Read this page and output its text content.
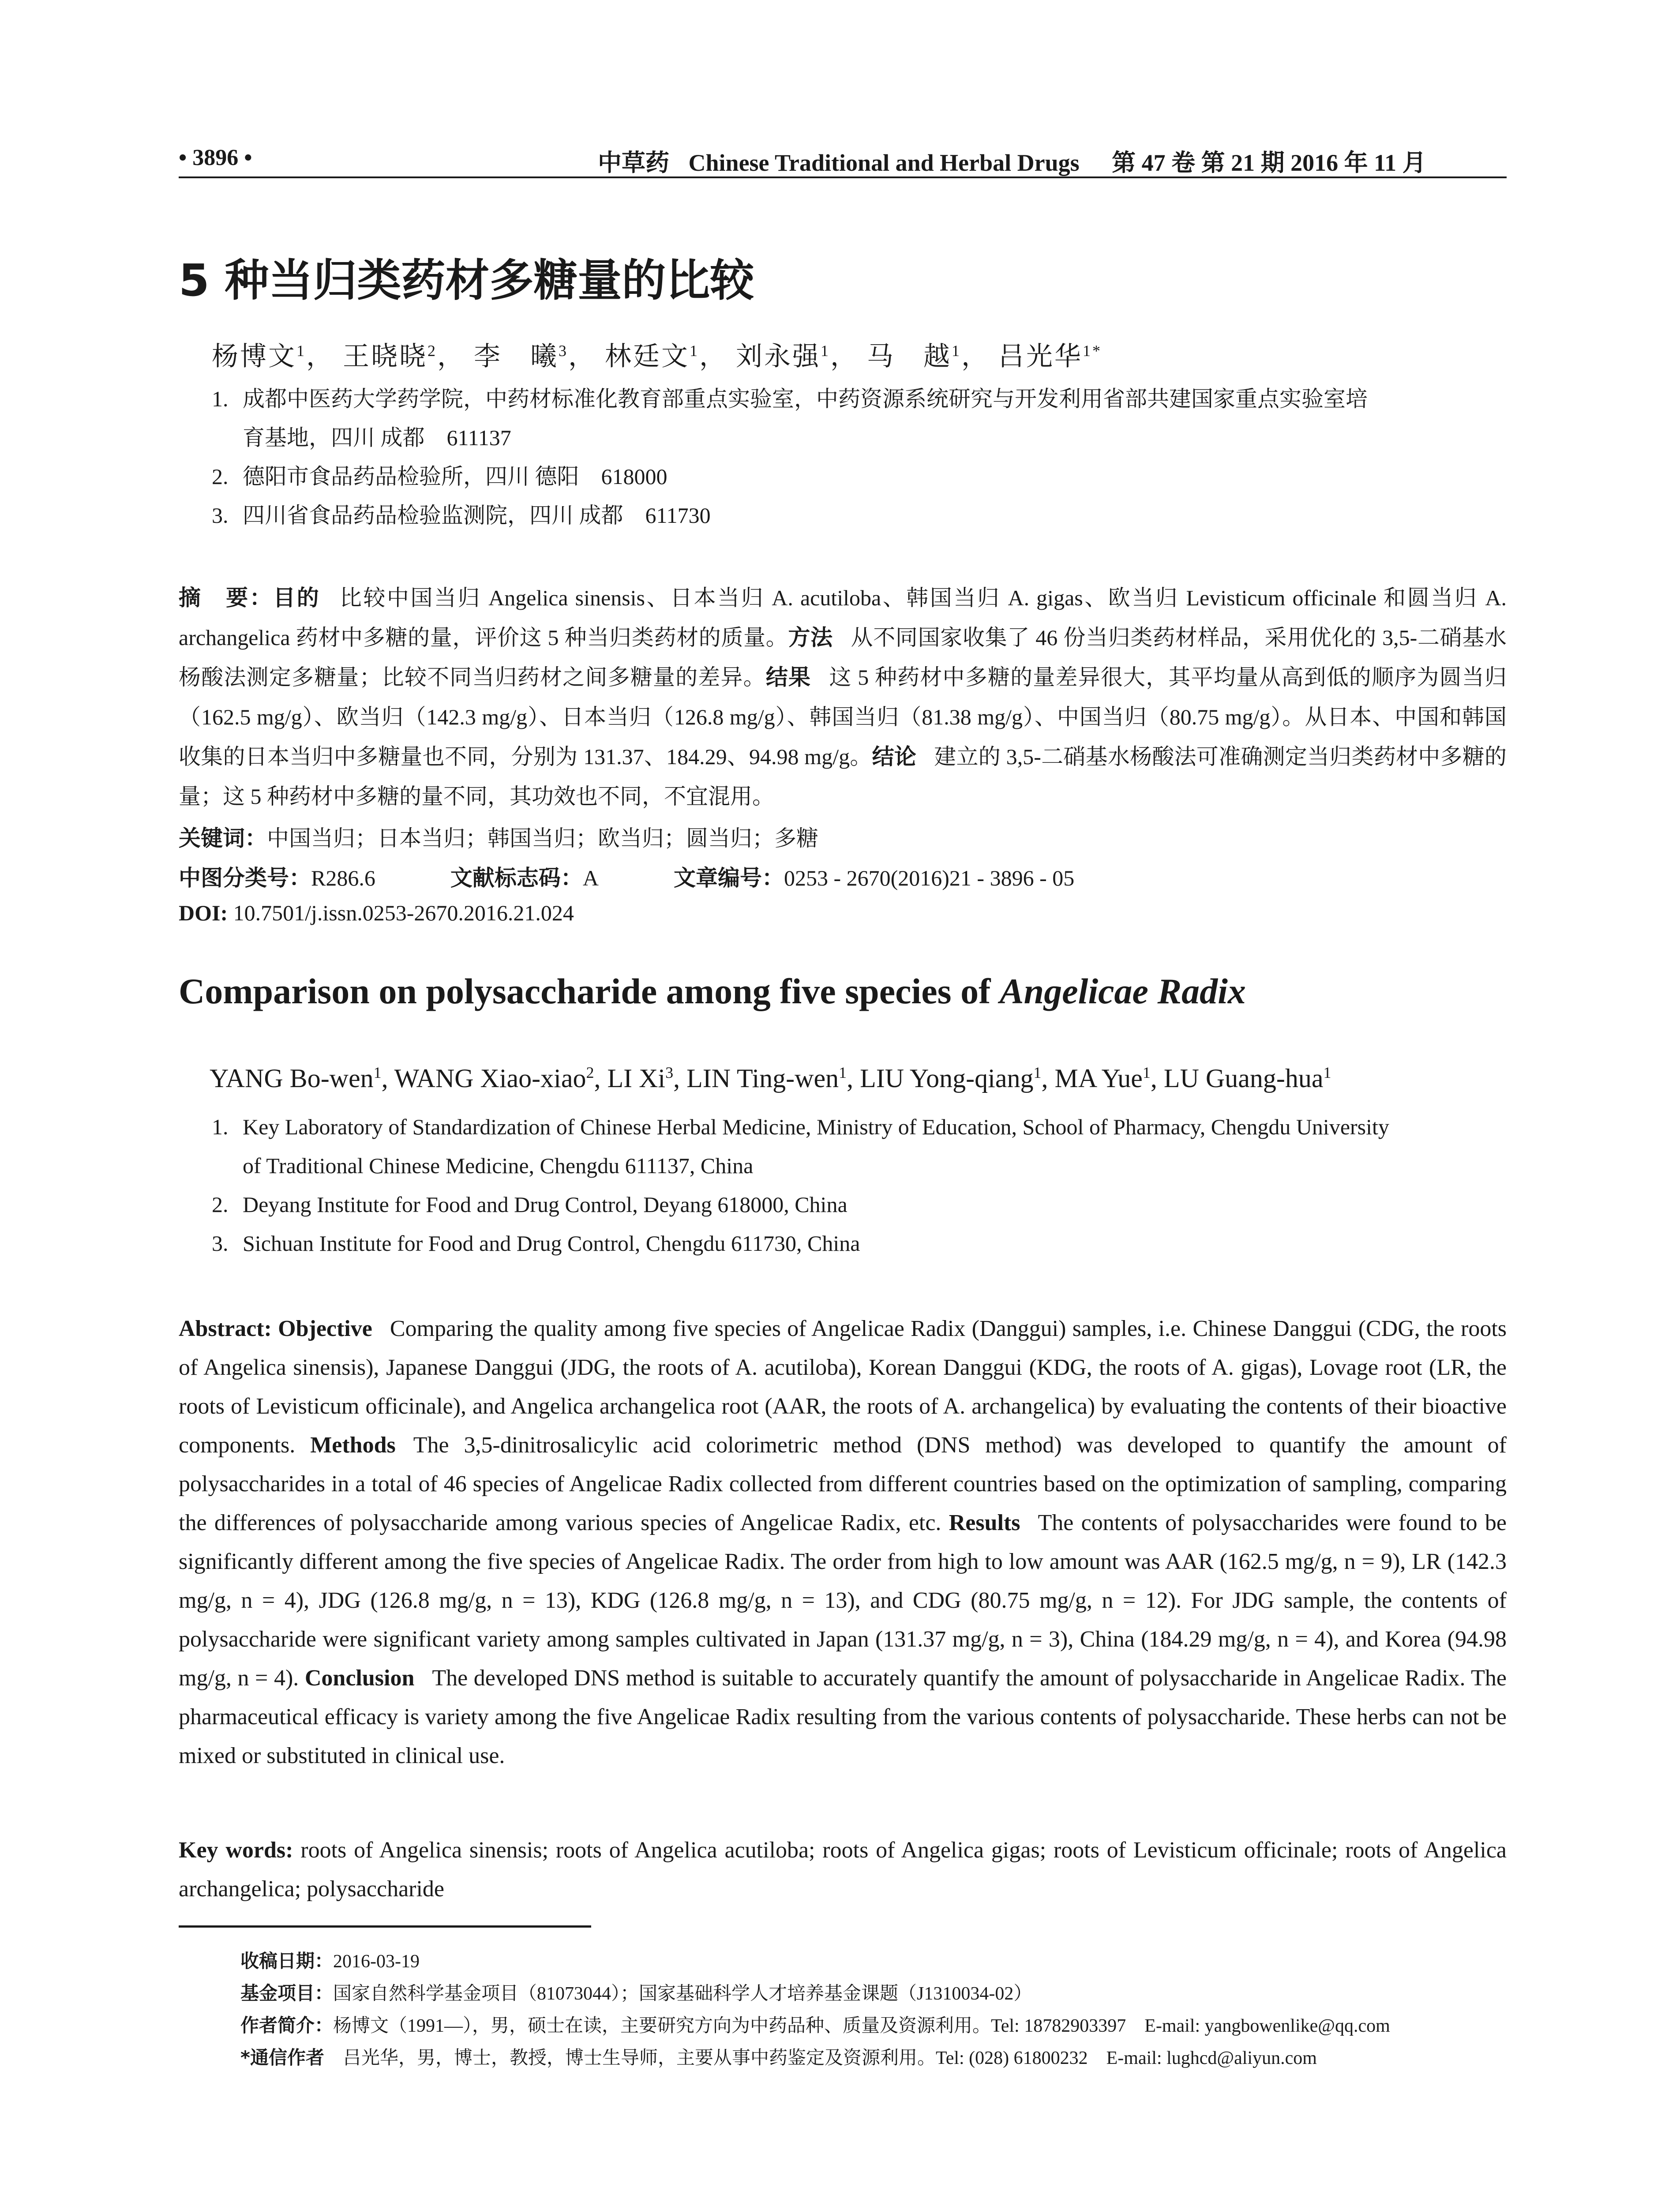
• 3896 •	中草药 Chinese Traditional and Herbal Drugs 第 47 卷 第 21 期 2016 年 11 月
5 种当归类药材多糖量的比较
杨博文$^1$， 王晓晓$^2$， 李　曦$^3$， 林廷文$^1$， 刘永强$^1$， 马　越$^1$， 吕光华$^{1*}$
1. 成都中医药大学药学院，中药材标准化教育部重点实验室，中药资源系统研究与开发利用省部共建国家重点实验室培
育基地，四川 成都　611137
2. 德阳市食品药品检验所，四川 德阳　618000
3. 四川省食品药品检验监测院，四川 成都　611730
摘　要：目的 比较中国当归 Angelica sinensis、日本当归 A. acutiloba、韩国当归 A. gigas、欧当归 Levisticum officinale 和圆当归 A. archangelica 药材中多糖的量，评价这 5 种当归类药材的质量。方法 从不同国家收集了 46 份当归类药材样品，采用优化的 3,5-二硝基水杨酸法测定多糖量；比较不同当归药材之间多糖量的差异。结果 这 5 种药材中多糖的量差异很大，其平均量从高到低的顺序为圆当归（162.5 mg/g）、欧当归（142.3 mg/g）、日本当归（126.8 mg/g）、韩国当归（81.38 mg/g）、中国当归（80.75 mg/g）。从日本、中国和韩国收集的日本当归中多糖量也不同，分别为 131.37、184.29、94.98 mg/g。结论 建立的 3,5-二硝基水杨酸法可准确测定当归类药材中多糖的量；这 5 种药材中多糖的量不同，其功效也不同，不宜混用。
关键词：中国当归；日本当归；韩国当归；欧当归；圆当归；多糖
中图分类号：R286.6	文献标志码：A	文章编号：0253 - 2670(2016)21 - 3896 - 05
DOI: 10.7501/j.issn.0253-2670.2016.21.024
Comparison on polysaccharide among five species of Angelicae Radix
YANG Bo-wen$^1$, WANG Xiao-xiao$^2$, LI Xi$^3$, LIN Ting-wen$^1$, LIU Yong-qiang$^1$, MA Yue$^1$, LU Guang-hua$^1$
1. Key Laboratory of Standardization of Chinese Herbal Medicine, Ministry of Education, School of Pharmacy, Chengdu University
of Traditional Chinese Medicine, Chengdu 611137, China
2. Deyang Institute for Food and Drug Control, Deyang 618000, China
3. Sichuan Institute for Food and Drug Control, Chengdu 611730, China
Abstract: Objective Comparing the quality among five species of Angelicae Radix (Danggui) samples, i.e. Chinese Danggui (CDG, the roots of Angelica sinensis), Japanese Danggui (JDG, the roots of A. acutiloba), Korean Danggui (KDG, the roots of A. gigas), Lovage root (LR, the roots of Levisticum officinale), and Angelica archangelica root (AAR, the roots of A. archangelica) by evaluating the contents of their bioactive components. Methods The 3,5-dinitrosalicylic acid colorimetric method (DNS method) was developed to quantify the amount of polysaccharides in a total of 46 species of Angelicae Radix collected from different countries based on the optimization of sampling, comparing the differences of polysaccharide among various species of Angelicae Radix, etc. Results The contents of polysaccharides were found to be significantly different among the five species of Angelicae Radix. The order from high to low amount was AAR (162.5 mg/g, n = 9), LR (142.3 mg/g, n = 4), JDG (126.8 mg/g, n = 13), KDG (126.8 mg/g, n = 13), and CDG (80.75 mg/g, n = 12). For JDG sample, the contents of polysaccharide were significant variety among samples cultivated in Japan (131.37 mg/g, n = 3), China (184.29 mg/g, n = 4), and Korea (94.98 mg/g, n = 4). Conclusion The developed DNS method is suitable to accurately quantify the amount of polysaccharide in Angelicae Radix. The pharmaceutical efficacy is variety among the five Angelicae Radix resulting from the various contents of polysaccharide. These herbs can not be mixed or substituted in clinical use.
Key words: roots of Angelica sinensis; roots of Angelica acutiloba; roots of Angelica gigas; roots of Levisticum officinale; roots of Angelica archangelica; polysaccharide
收稿日期：2016-03-19
基金项目：国家自然科学基金项目（81073044）；国家基础科学人才培养基金课题（J1310034-02）
作者简介：杨博文（1991—），男，硕士在读，主要研究方向为中药品种、质量及资源利用。Tel: 18782903397　E-mail: yangbowenlike@qq.com
*通信作者　吕光华，男，博士，教授，博士生导师，主要从事中药鉴定及资源利用。Tel: (028) 61800232　E-mail: lughcd@aliyun.com
